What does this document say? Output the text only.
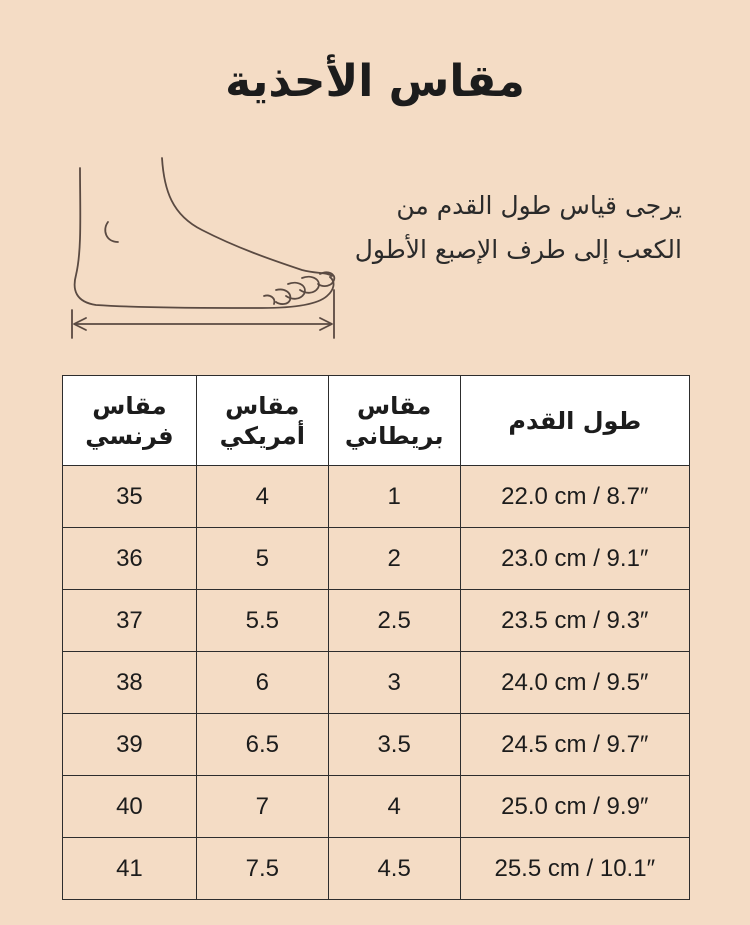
مقاس الأحذية

يرجى قياس طول القدم من الكعب إلى طرف الإصبع الأطول

طول القدم	مقاس بريطاني	مقاس أمريكي	مقاس فرنسي
22.0 cm / 8.7″	1	4	35
23.0 cm / 9.1″	2	5	36
23.5 cm / 9.3″	2.5	5.5	37
24.0 cm / 9.5″	3	6	38
24.5 cm / 9.7″	3.5	6.5	39
25.0 cm / 9.9″	4	7	40
25.5 cm / 10.1″	4.5	7.5	41
